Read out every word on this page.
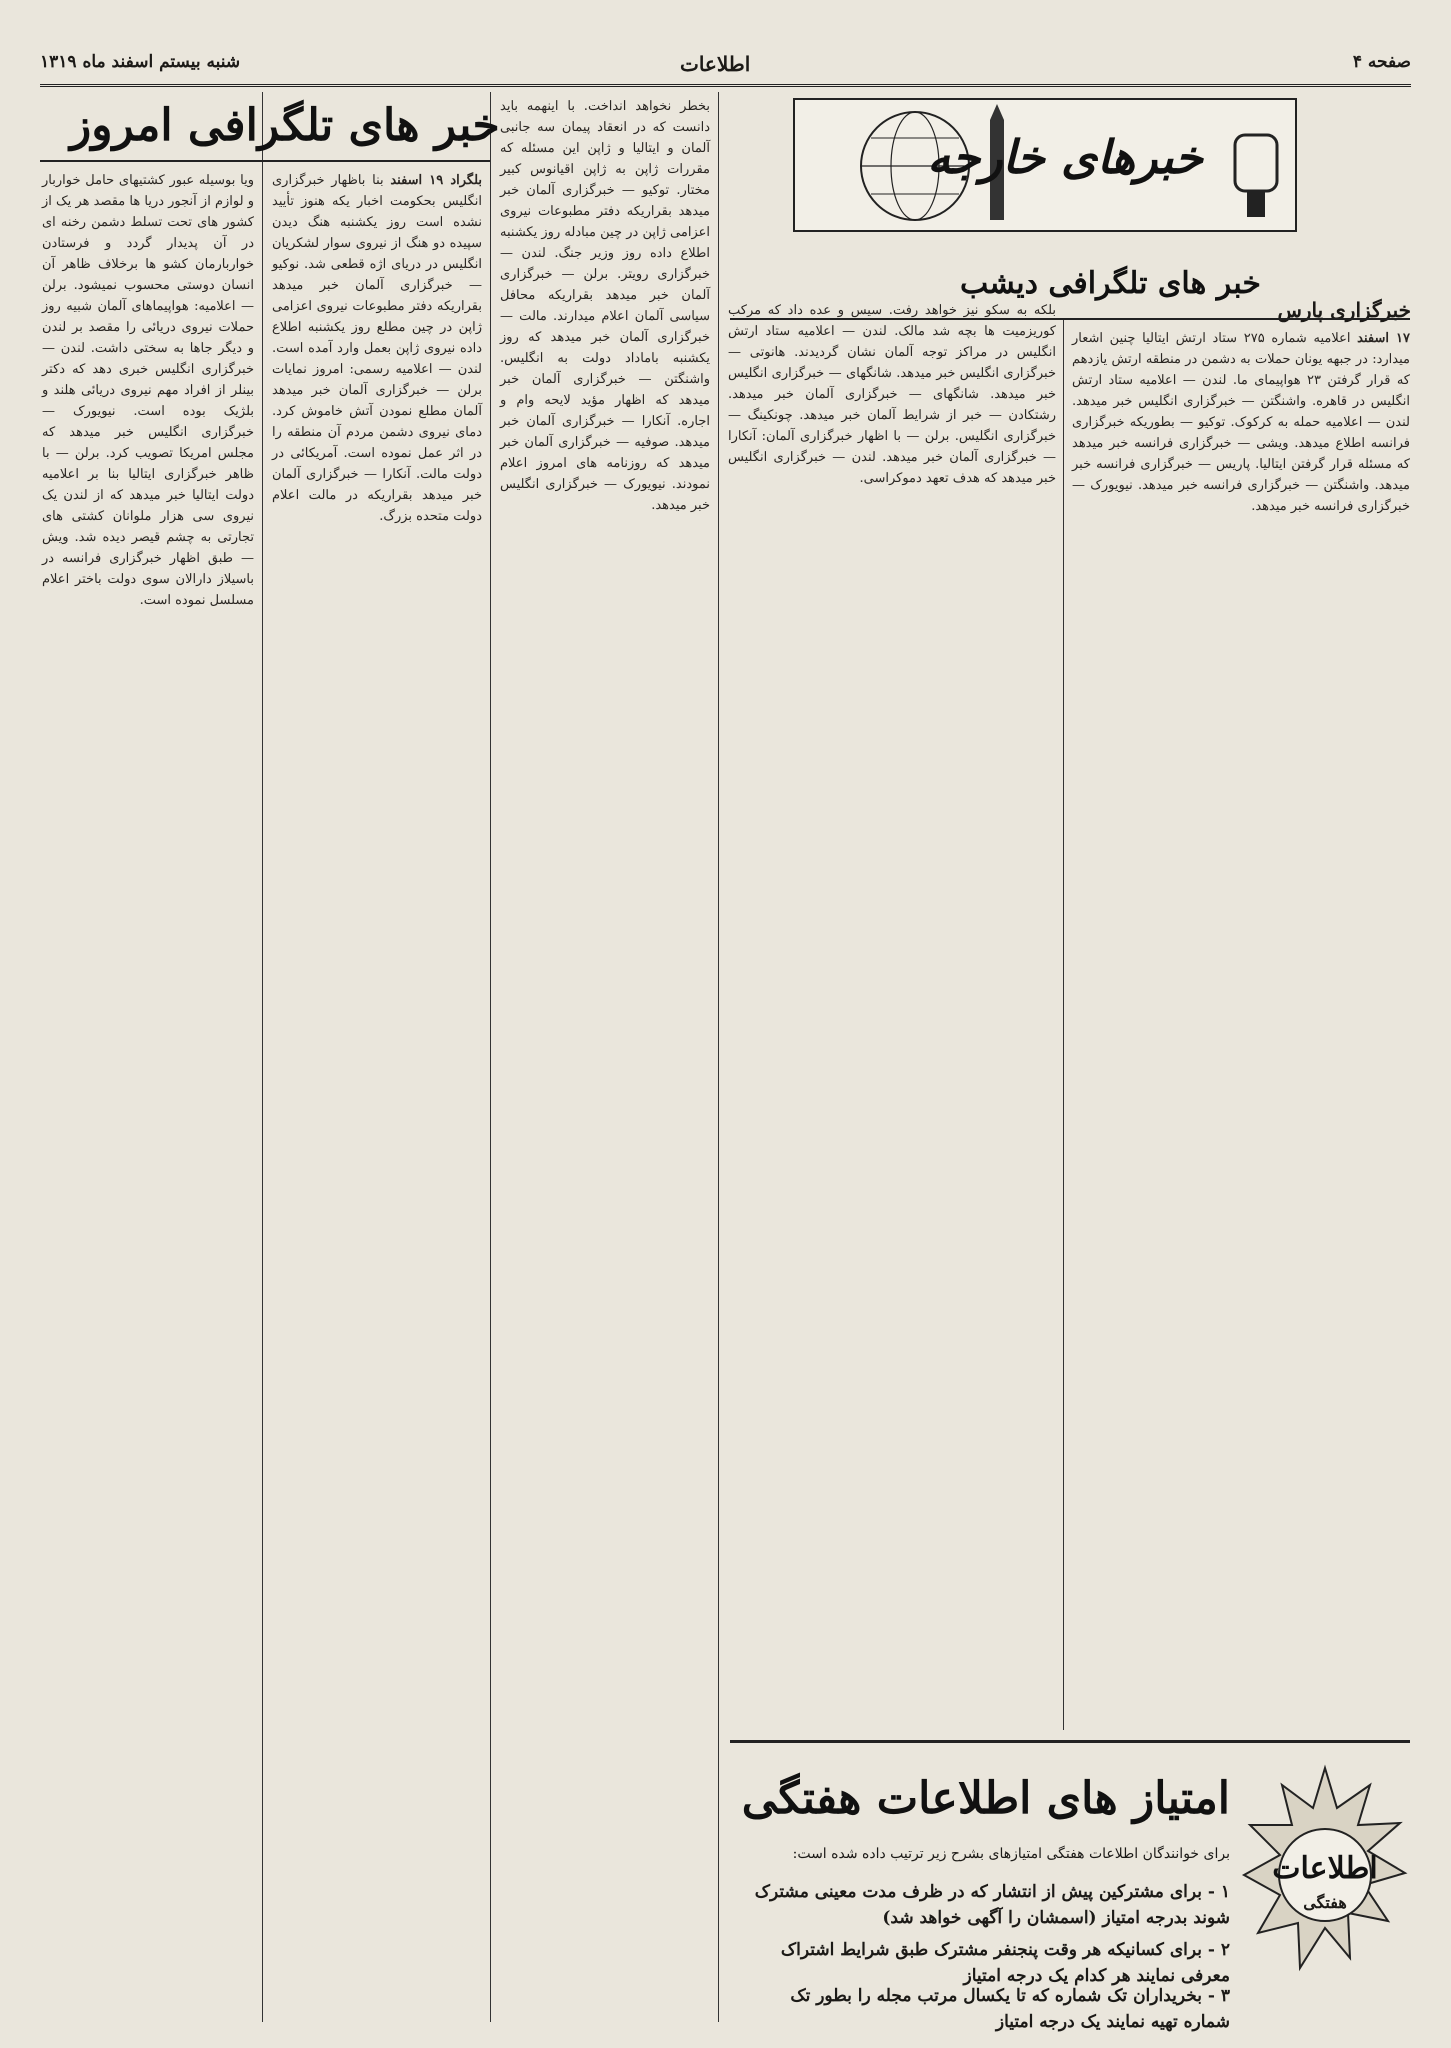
شنبه بیستم اسفند ماه ۱۳۱۹	اطلاعات	صفحه ۴
خبر های تلگرافی امروز
بلگراد ۱۹ اسفند بنا باظهار خبرگزاری انگلیس بحکومت اخبار یکه هنوز تأیید نشده است روز یکشنبه هنگ دیدن سپیده دو هنگ از نیروی سوار لشکریان انگلیس در دریای اژه قطعی شد. نوکیو — خبرگزاری آلمان خبر میدهد بقراریکه دفتر مطبوعات نیروی اعزامی ژاپن در چین مطلع روز یکشنبه اطلاع داده نیروی ژاپن بعمل وارد آمده است. لندن — اعلامیه رسمی: امروز نمایات برلن — خبرگزاری آلمان خبر میدهد آلمان مطلع نمودن آتش خاموش کرد. دمای نیروی دشمن مردم آن منطقه را در اثر عمل نموده است. آمریکائی در دولت مالت. آنکارا — خبرگزاری آلمان خبر میدهد بقراریکه در مالت اعلام دولت متحده بزرگ.
ویا بوسیله عبور کشتیهای حامل خواربار و لوازم از آنجور دریا ها مقصد هر یک از کشور های تحت تسلط دشمن رخنه ای در آن پدیدار گردد و فرستادن خواربارمان کشو ها برخلاف ظاهر آن انسان دوستی محسوب نمیشود. برلن — اعلامیه: هواپیماهای آلمان شبیه روز حملات نیروی دریائی را مقصد بر لندن و دیگر جاها به سختی داشت. لندن — خبرگزاری انگلیس خبری دهد که دکتر بینلر از افراد مهم نیروی دریائی هلند و بلژیک بوده است. نیویورک — خبرگزاری انگلیس خبر میدهد که مجلس امریکا تصویب کرد. برلن — با ظاهر خبرگزاری ایتالیا بنا بر اعلامیه دولت ایتالیا خبر میدهد که از لندن یک نیروی سی هزار ملوانان کشتی های تجارتی به چشم قیصر دیده شد. ویش — طبق اظهار خبرگزاری فرانسه در باسیلاز دارالان سوی دولت باختر اعلام مسلسل نموده است.
بخطر نخواهد انداخت. با اینهمه باید دانست که در انعقاد پیمان سه جانبی آلمان و ایتالیا و ژاپن این مسئله که مقررات ژاپن به ژاپن اقیانوس کبیر مختار. توکیو — خبرگزاری آلمان خبر میدهد بقراریکه دفتر مطبوعات نیروی اعزامی ژاپن در چین مبادله روز یکشنبه اطلاع داده روز وزیر جنگ. لندن — خبرگزاری رویتر. برلن — خبرگزاری آلمان خبر میدهد بقراریکه محافل سیاسی آلمان اعلام میدارند. مالت — خبرگزاری آلمان خبر میدهد که روز یکشنبه باماداد دولت به انگلیس. واشنگتن — خبرگزاری آلمان خبر میدهد که اظهار مؤید لایحه وام و اجاره. آنکارا — خبرگزاری آلمان خبر میدهد. صوفیه — خبرگزاری آلمان خبر میدهد که روزنامه های امروز اعلام نمودند. نیویورک — خبرگزاری انگلیس خبر میدهد.
خبرهای خارجه
خبرگزاری پارس
خبر های تلگرافی دیشب
۱۷ اسفند اعلامیه شماره ۲۷۵ ستاد ارتش ایتالیا چنین اشعار میدارد: در جبهه یونان حملات به دشمن در منطقه ارتش یازدهم که قرار گرفتن ۲۳ هواپیمای ما. لندن — اعلامیه ستاد ارتش انگلیس در قاهره. واشنگتن — خبرگزاری انگلیس خبر میدهد. لندن — اعلامیه حمله به کرکوک. توکیو — بطوریکه خبرگزاری فرانسه اطلاع میدهد. ویشی — خبرگزاری فرانسه خبر میدهد که مسئله قرار گرفتن ایتالیا. پاریس — خبرگزاری فرانسه خبر میدهد. واشنگتن — خبرگزاری فرانسه خبر میدهد. نیویورک — خبرگزاری فرانسه خبر میدهد.
بلکه به سکو نیز خواهد رفت. سیس و عده داد که مرکب کوریزمیت ها بچه شد مالک. لندن — اعلامیه ستاد ارتش انگلیس در مراکز توجه آلمان نشان گردیدند. هانوتی — خبرگزاری انگلیس خبر میدهد. شانگهای — خبرگزاری انگلیس خبر میدهد. شانگهای — خبرگزاری آلمان خبر میدهد. رشتکادن — خبر از شرایط آلمان خبر میدهد. چونکینگ — خبرگزاری انگلیس. برلن — با اظهار خبرگزاری آلمان: آنکارا — خبرگزاری آلمان خبر میدهد. لندن — خبرگزاری انگلیس خبر میدهد که هدف تعهد دموکراسی.
امتیاز های اطلاعات هفتگی
برای خوانندگان اطلاعات هفتگی امتیازهای بشرح زیر ترتیب داده شده است:
۱ - برای مشترکین پیش از انتشار که در ظرف مدت معینی مشترک شوند بدرجه امتیاز (اسمشان را آگهی خواهد شد)
۲ - برای کسانیکه هر وقت پنجنفر مشترک طبق شرایط اشتراک معرفی نمایند هر کدام یک درجه امتیاز
۳ - بخریداران تک شماره که تا یکسال مرتب مجله را بطور تک شماره تهیه نمایند یک درجه امتیاز
اطلاعات
هفتگی
